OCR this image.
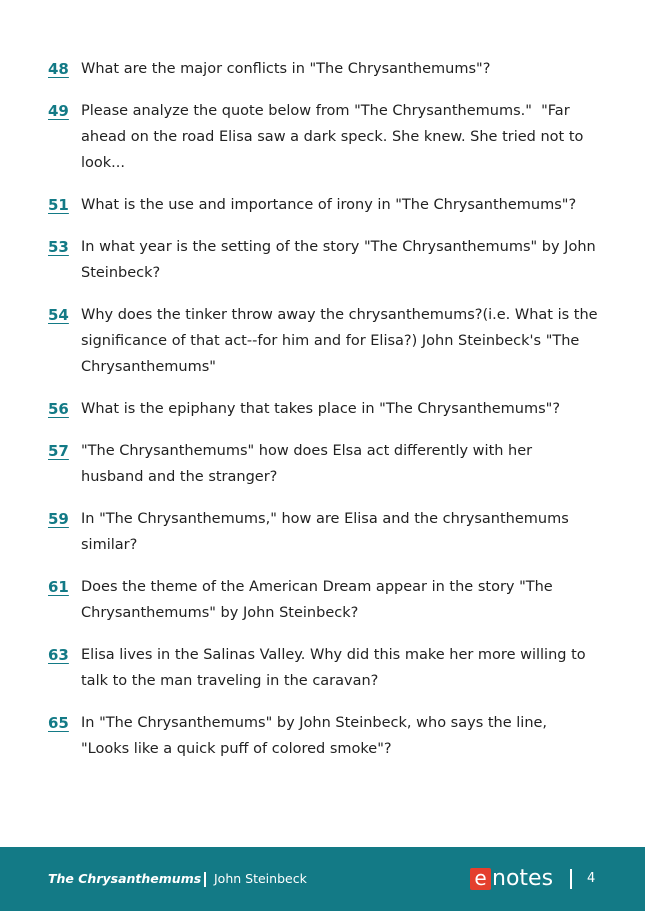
48 What are the major conflicts in "The Chrysanthemums"?
49 Please analyze the quote below from "The Chrysanthemums."  "Far ahead on the road Elisa saw a dark speck. She knew. She tried not to look...
51 What is the use and importance of irony in "The Chrysanthemums"?
53 In what year is the setting of the story "The Chrysanthemums" by John Steinbeck?
54 Why does the tinker throw away the chrysanthemums?(i.e. What is the significance of that act--for him and for Elisa?) John Steinbeck's "The Chrysanthemums"
56 What is the epiphany that takes place in "The Chrysanthemums"?
57 "The Chrysanthemums" how does Elsa act differently with her husband and the stranger?
59 In "The Chrysanthemums," how are Elisa and the chrysanthemums similar?
61 Does the theme of the American Dream appear in the story "The Chrysanthemums" by John Steinbeck?
63 Elisa lives in the Salinas Valley. Why did this make her more willing to talk to the man traveling in the caravan?
65 In "The Chrysanthemums" by John Steinbeck, who says the line, "Looks like a quick puff of colored smoke"?
The Chrysanthemums John Steinbeck	e notes	4
